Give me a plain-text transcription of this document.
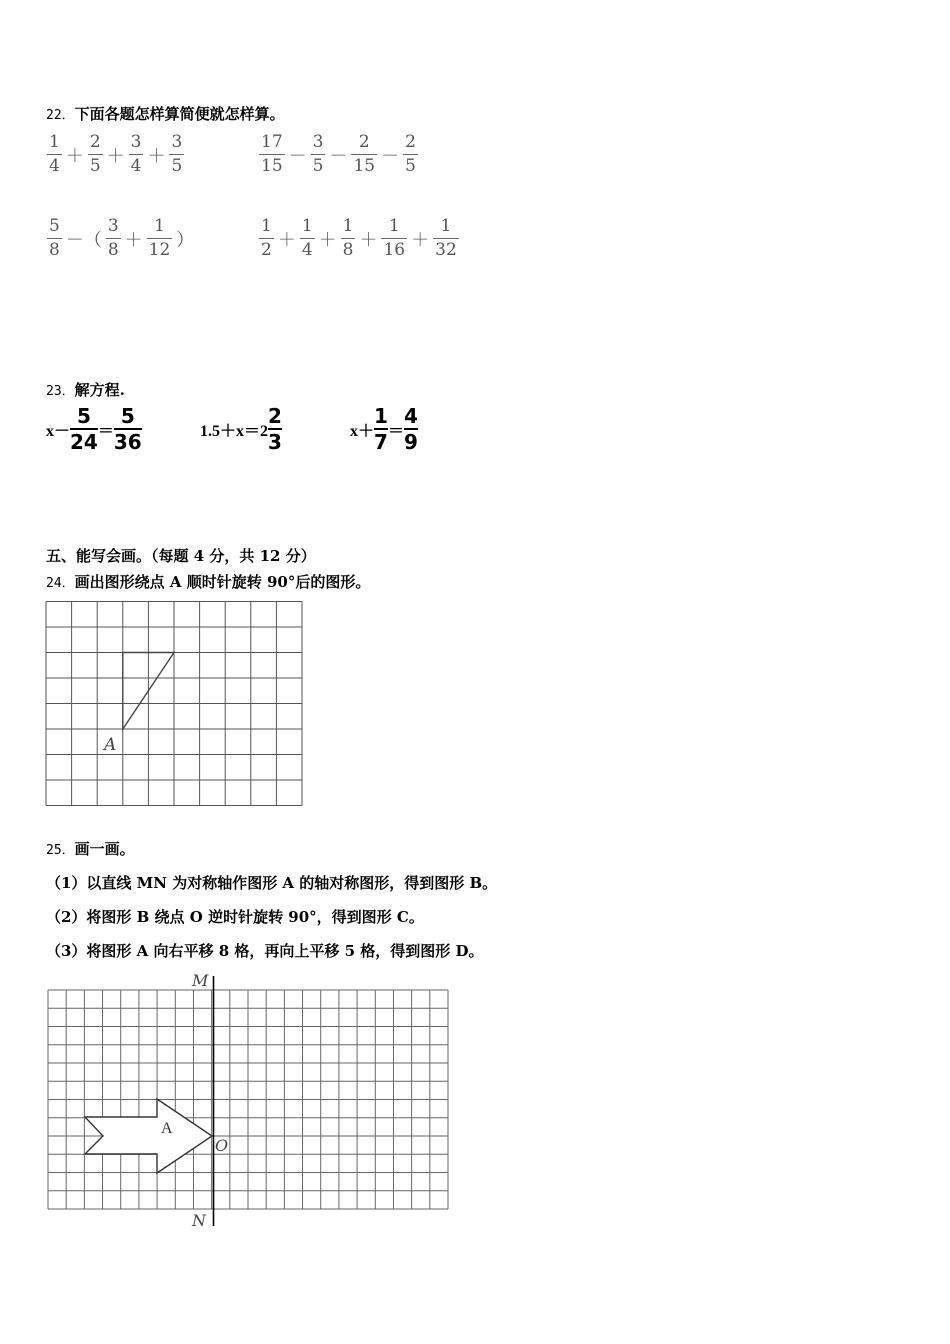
22．下面各题怎样算简便就怎样算。
$\frac{1}{4} + \frac{2}{5} + \frac{3}{4} + \frac{3}{5}$	$\frac{17}{15} - \frac{3}{5} - \frac{2}{15} - \frac{2}{5}$
$\frac{5}{8}$ －（ $\frac{3}{8} + \frac{1}{12}$ ）	$\frac{1}{2} + \frac{1}{4} + \frac{1}{8} + \frac{1}{16} + \frac{1}{32}$
23．解方程.
$x- \frac{5}{24} = \frac{5}{36}$	$1.5+x=2 \frac{2}{3}$	$x+ \frac{1}{7} = \frac{4}{9}$
五、能写会画。（每题 4 分，共 12 分）
24．画出图形绕点 A 顺时针旋转 90°后的图形。
A
25．画一画。
（1）以直线 MN 为对称轴作图形 A 的轴对称图形，得到图形 B。
（2）将图形 B 绕点 O 逆时针旋转 90°，得到图形 C。
（3）将图形 A 向右平移 8 格，再向上平移 5 格，得到图形 D。
A
M
N
O
